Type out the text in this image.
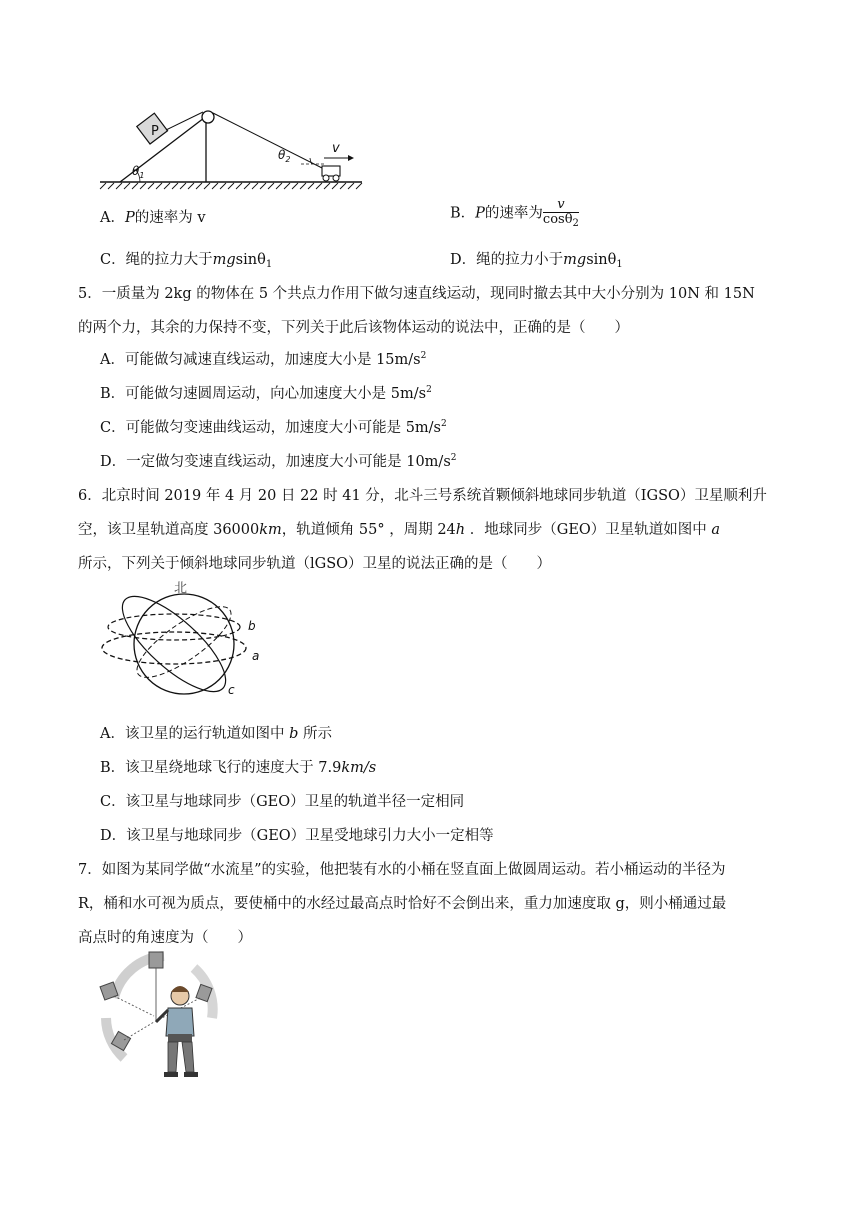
P
v
$\theta_1$
$\theta_2$
A．P的速率为 v	B．P的速率为 $\frac{v}{\cos\theta_2}$
C．绳的拉力大于mgsinθ$_1$	D．绳的拉力小于mgsinθ$_1$
5．一质量为 2kg 的物体在 5 个共点力作用下做匀速直线运动，现同时撤去其中大小分别为 10N 和 15N
的两个力，其余的力保持不变，下列关于此后该物体运动的说法中，正确的是（　　）
A．可能做匀减速直线运动，加速度大小是 $15m/s^2$
B．可能做匀速圆周运动，向心加速度大小是 $5m/s^2$
C．可能做匀变速曲线运动，加速度大小可能是 $5m/s^2$
D．一定做匀变速直线运动，加速度大小可能是 $10m/s^2$
6．北京时间 2019 年 4 月 20 日 22 时 41 分，北斗三号系统首颗倾斜地球同步轨道（IGSO）卫星顺利升
空，该卫星轨道高度 36000km，轨道倾角 55° ，周期 24h ．地球同步（GEO）卫星轨道如图中 a
所示，下列关于倾斜地球同步轨道（lGSO）卫星的说法正确的是（　　）
北
b
a
c
A．该卫星的运行轨道如图中 b 所示
B．该卫星绕地球飞行的速度大于 7.9km/s
C．该卫星与地球同步（GEO）卫星的轨道半径一定相同
D．该卫星与地球同步（GEO）卫星受地球引力大小一定相等
7．如图为某同学做“水流星”的实验，他把装有水的小桶在竖直面上做圆周运动。若小桶运动的半径为
R，桶和水可视为质点，要使桶中的水经过最高点时恰好不会倒出来，重力加速度取 g，则小桶通过最
高点时的角速度为（　　）
